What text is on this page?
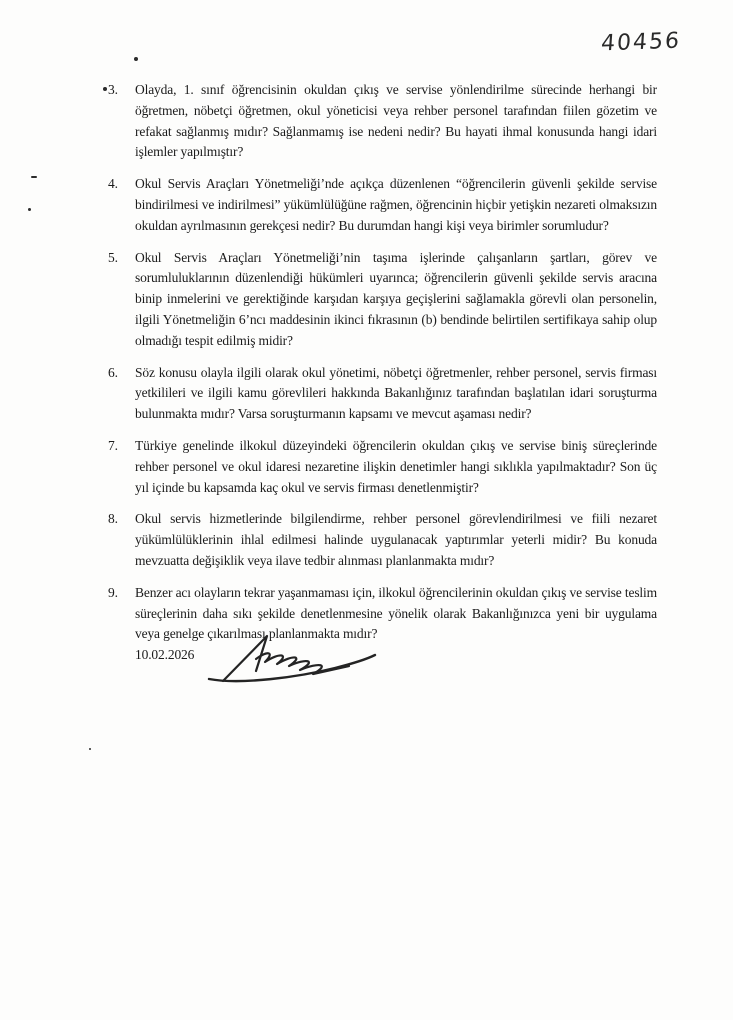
40456
3.	Olayda, 1. sınıf öğrencisinin okuldan çıkış ve servise yönlendirilme sürecinde herhangi bir öğretmen, nöbetçi öğretmen, okul yöneticisi veya rehber personel tarafından fiilen gözetim ve refakat sağlanmış mıdır? Sağlanmamış ise nedeni nedir? Bu hayati ihmal konusunda hangi idari işlemler yapılmıştır?
4.	Okul Servis Araçları Yönetmeliği’nde açıkça düzenlenen “öğrencilerin güvenli şekilde servise bindirilmesi ve indirilmesi” yükümlülüğüne rağmen, öğrencinin hiçbir yetişkin nezareti olmaksızın okuldan ayrılmasının gerekçesi nedir? Bu durumdan hangi kişi veya birimler sorumludur?
5.	Okul Servis Araçları Yönetmeliği’nin taşıma işlerinde çalışanların şartları, görev ve sorumluluklarının düzenlendiği hükümleri uyarınca; öğrencilerin güvenli şekilde servis aracına binip inmelerini ve gerektiğinde karşıdan karşıya geçişlerini sağlamakla görevli olan personelin, ilgili Yönetmeliğin 6’ncı maddesinin ikinci fıkrasının (b) bendinde belirtilen sertifikaya sahip olup olmadığı tespit edilmiş midir?
6.	Söz konusu olayla ilgili olarak okul yönetimi, nöbetçi öğretmenler, rehber personel, servis firması yetkilileri ve ilgili kamu görevlileri hakkında Bakanlığınız tarafından başlatılan idari soruşturma bulunmakta mıdır? Varsa soruşturmanın kapsamı ve mevcut aşaması nedir?
7.	Türkiye genelinde ilkokul düzeyindeki öğrencilerin okuldan çıkış ve servise biniş süreçlerinde rehber personel ve okul idaresi nezaretine ilişkin denetimler hangi sıklıkla yapılmaktadır? Son üç yıl içinde bu kapsamda kaç okul ve servis firması denetlenmiştir?
8.	Okul servis hizmetlerinde bilgilendirme, rehber personel görevlendirilmesi ve fiili nezaret yükümlülüklerinin ihlal edilmesi halinde uygulanacak yaptırımlar yeterli midir? Bu konuda mevzuatta değişiklik veya ilave tedbir alınması planlanmakta mıdır?
9.	Benzer acı olayların tekrar yaşanmaması için, ilkokul öğrencilerinin okuldan çıkış ve servise teslim süreçlerinin daha sıkı şekilde denetlenmesine yönelik olarak Bakanlığınızca yeni bir uygulama veya genelge çıkarılması planlanmakta mıdır?
10.02.2026
